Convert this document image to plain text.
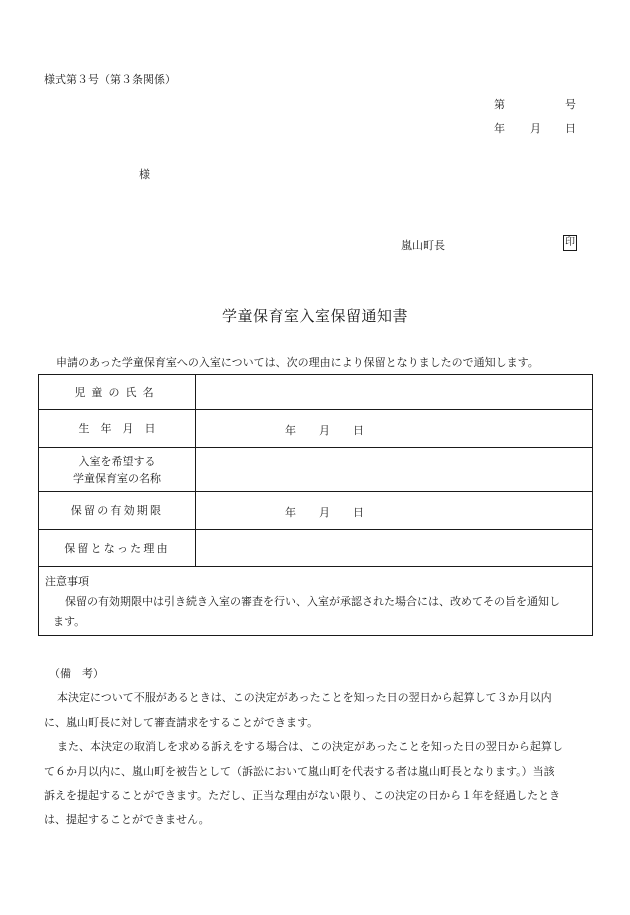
様式第３号（第３条関係）
第	号
年 月 日
様
嵐山町長	印
学童保育室入室保留通知書
申請のあった学童保育室への入室については、次の理由により保留となりましたので通知します。
児童の氏名	
生　年　月　日	年 月 日

入室を希望する
学童保育室の名称	

保留の有効期限	年 月 日

保留となった理由	
注意事項
保留の有効期限中は引き続き入室の審査を行い、入室が承認された場合には、改めてその旨を通知し
ます。
（備　考）
本決定について不服があるときは、この決定があったことを知った日の翌日から起算して３か月以内
に、嵐山町長に対して審査請求をすることができます。
また、本決定の取消しを求める訴えをする場合は、この決定があったことを知った日の翌日から起算し
て６か月以内に、嵐山町を被告として（訴訟において嵐山町を代表する者は嵐山町長となります。）当該
訴えを提起することができます。ただし、正当な理由がない限り、この決定の日から１年を経過したとき
は、提起することができません。
